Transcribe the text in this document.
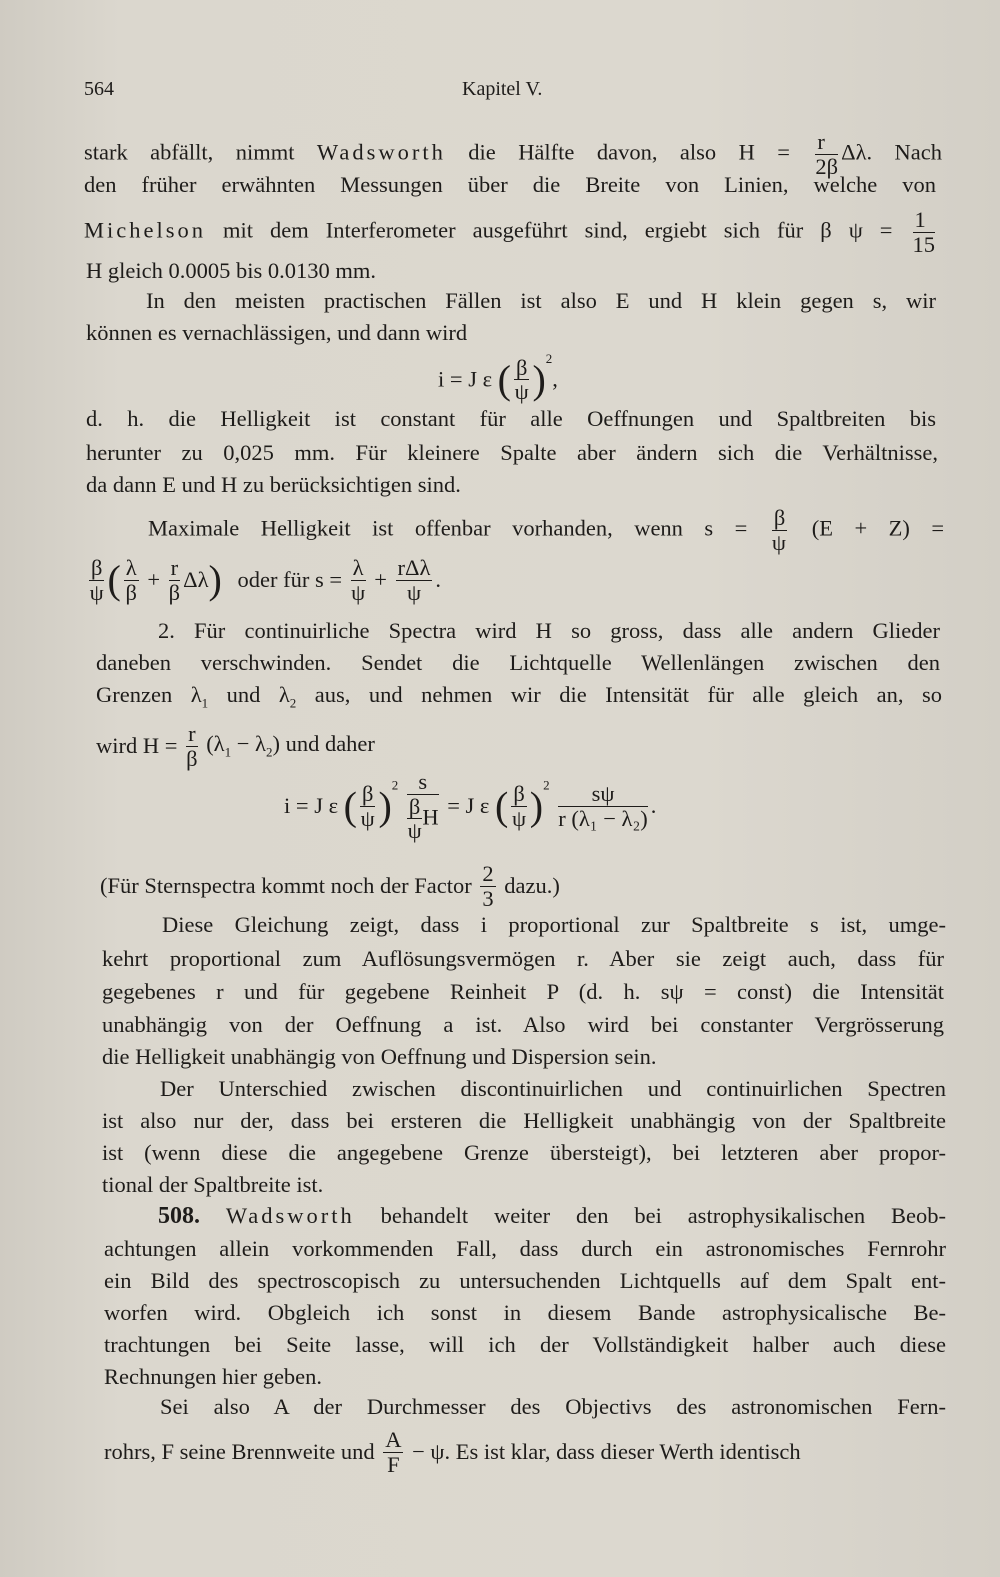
564	Kapitel V.
stark abfällt, nimmt Wadsworth die Hälfte davon, also $H = \frac{r}{2\beta} \Delta\lambda$. Nach
den früher erwähnten Messungen über die Breite von Linien, welche von
Michelson mit dem Interferometer ausgeführt sind, ergiebt sich für β $\psi = \frac{1}{15}$
H gleich 0.0005 bis 0.0130 mm.
In den meisten practischen Fällen ist also E und H klein gegen s, wir
können es vernachlässigen, und dann wird
i = J ε ( $\frac{\beta}{\psi} )^2$,
d. h. die Helligkeit ist constant für alle Oeffnungen und Spaltbreiten bis
herunter zu 0,025 mm. Für kleinere Spalte aber ändern sich die Verhältnisse,
da dann E und H zu berücksichtigen sind.
Maximale Helligkeit ist offenbar vorhanden, wenn $s = \frac{\beta}{\psi} (E + Z)$ =
$\frac{\beta}{\psi}$ ( $\frac{\lambda}{\beta} + \frac{r}{\beta} \Delta\lambda$) oder für $s = \frac{\lambda}{\psi} + \frac{\text{rΔλ}}{\psi}$ .
2. Für continuirliche Spectra wird H so gross, dass alle andern Glieder
daneben verschwinden. Sendet die Lichtquelle Wellenlängen zwischen den
Grenzen $\lambda_1$ und $\lambda_2$ aus, und nehmen wir die Intensität für alle gleich an, so
wird $H = \frac{r}{\beta} (\lambda_1 - \lambda_2)$ und daher
i = J ε ( $\frac{\beta}{\psi} )^2 \frac{s}{\frac{\beta}{\psi} H} = J$ ε ( $\frac{\beta}{\psi} )^2 \frac{s\psi}{\text{r (λ₁ − λ₂)}}$ .
(Für Sternspectra kommt noch der Factor $\frac{2}{3}$ dazu.)
Diese Gleichung zeigt, dass i proportional zur Spaltbreite s ist, umge-
kehrt proportional zum Auflösungsvermögen r. Aber sie zeigt auch, dass für
gegebenes r und für gegebene Reinheit P (d. h. sψ = const) die Intensität
unabhängig von der Oeffnung a ist. Also wird bei constanter Vergrösserung
die Helligkeit unabhängig von Oeffnung und Dispersion sein.
Der Unterschied zwischen discontinuirlichen und continuirlichen Spectren
ist also nur der, dass bei ersteren die Helligkeit unabhängig von der Spaltbreite
ist (wenn diese die angegebene Grenze übersteigt), bei letzteren aber propor-
tional der Spaltbreite ist.
508. Wadsworth behandelt weiter den bei astrophysikalischen Beob-
achtungen allein vorkommenden Fall, dass durch ein astronomisches Fernrohr
ein Bild des spectroscopisch zu untersuchenden Lichtquells auf dem Spalt ent-
worfen wird. Obgleich ich sonst in diesem Bande astrophysicalische Be-
trachtungen bei Seite lasse, will ich der Vollständigkeit halber auch diese
Rechnungen hier geben.
Sei also A der Durchmesser des Objectivs des astronomischen Fern-
rohrs, F seine Brennweite und $\frac{A}{F} - \psi$. Es ist klar, dass dieser Werth identisch
